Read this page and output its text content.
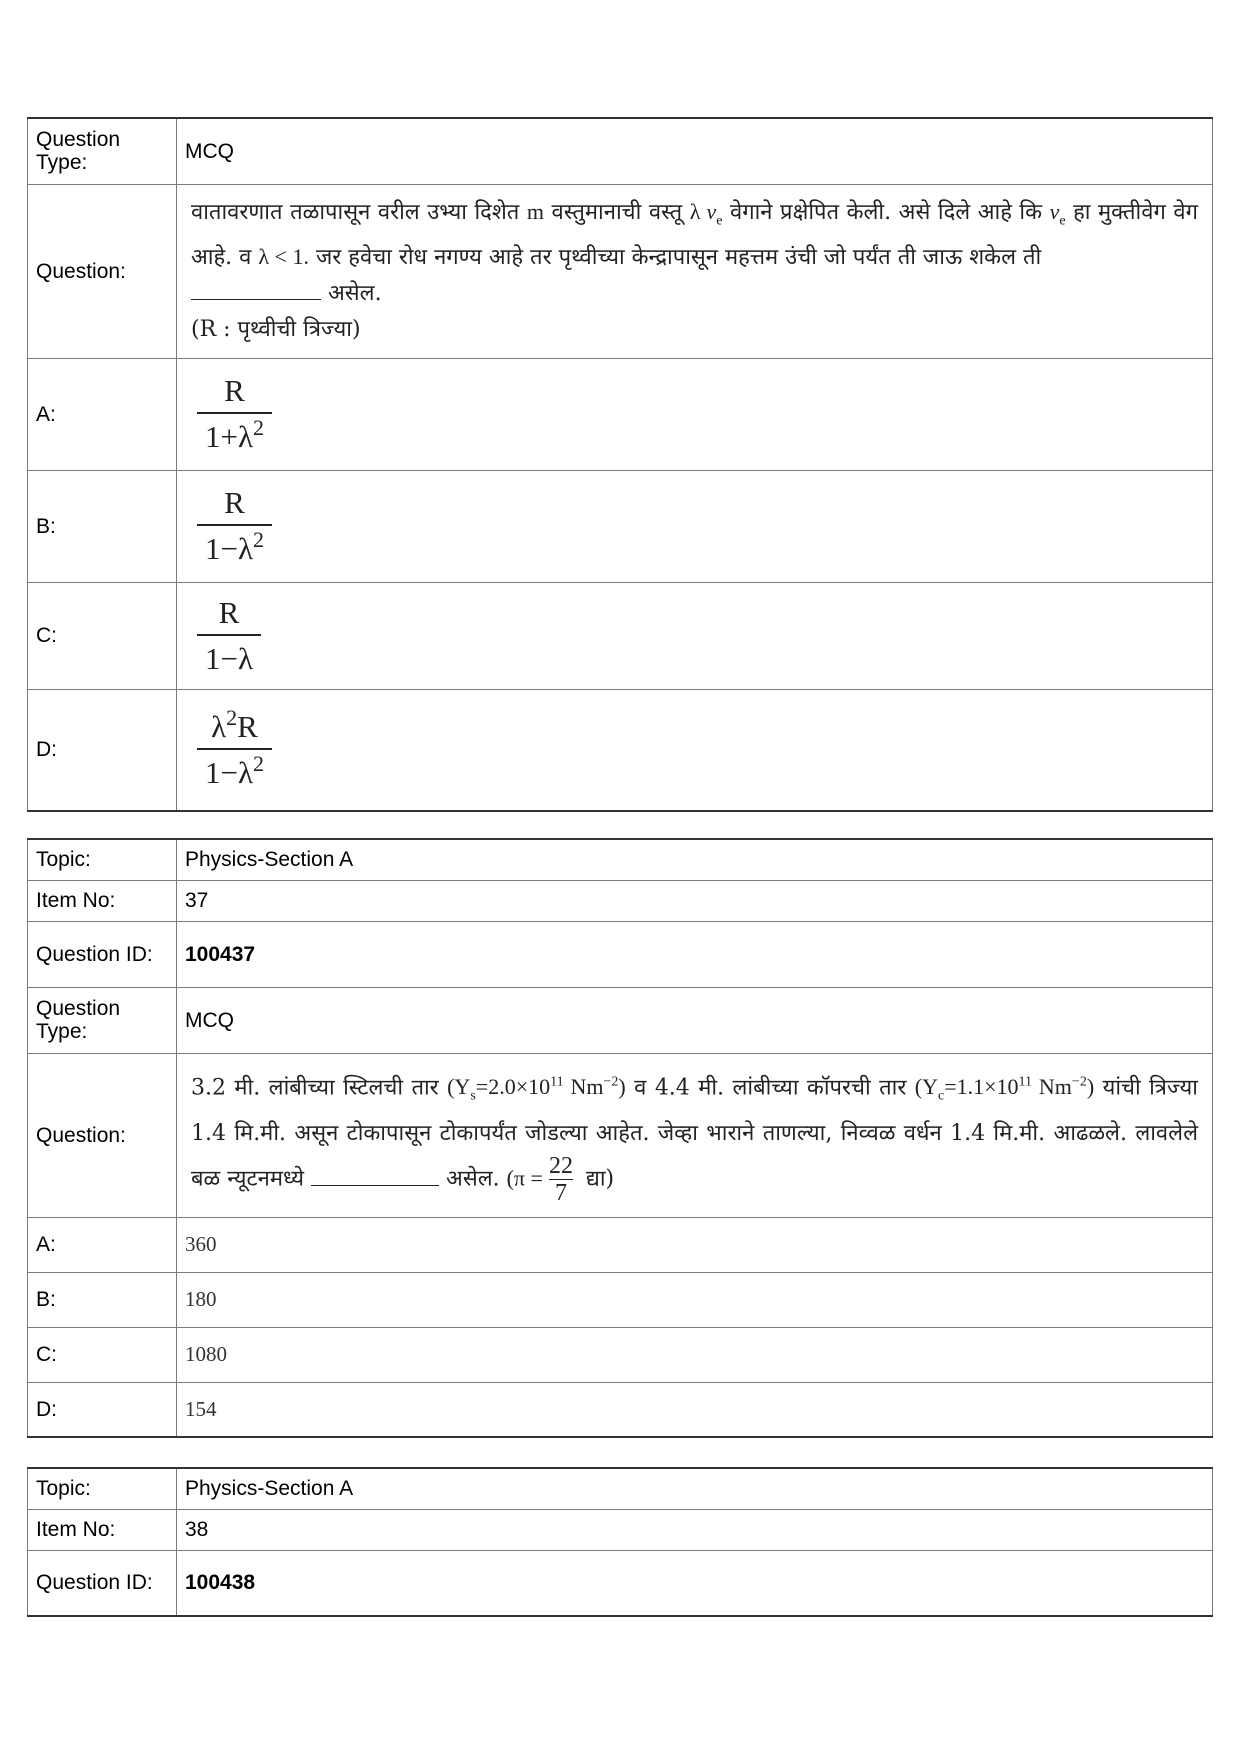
Question Type:	MCQ
Question:	वातावरणात तळापासून वरील उभ्या दिशेत m वस्तुमानाची वस्तू λ $v_e$ वेगाने प्रक्षेपित केली. असे दिले आहे कि $v_e$ हा मुक्तीवेग वेग आहे. व λ < 1. जर हवेचा रोध नगण्य आहे तर पृथ्वीच्या केन्द्रापासून महत्तम उंची जो पर्यंत ती जाऊ शकेल ती
असेल.
(R : पृथ्वीची त्रिज्या)

A:	$\frac{R}{1+\lambda^2}$

B:	$\frac{R}{1-\lambda^2}$

C:	$\frac{R}{1-\lambda}$

D:	$\frac{\lambda^2R}{1-\lambda^2}$
Topic:	Physics-Section A
Item No:	37
Question ID:	100437
Question Type:	MCQ
Question:	3.2 मी. लांबीच्या स्टिलची तार ($Y_s=2.0\times 10^{11}$ $Nm^{-2}$) व 4.4 मी. लांबीच्या कॉपरची तार ($Y_c=1.1\times 10^{11}$ $Nm^{-2}$) यांची त्रिज्या 1.4 मि.मी. असून टोकापासून टोकापर्यंत जोडल्या आहेत. जेव्हा भाराने ताणल्या, निव्वळ वर्धन 1.4 मि.मी. आढळले. लावलेले बळ न्यूटनमध्ये असेल. ($\pi = \frac{22}{7}$ द्या)

A:	360
B:	180
C:	1080
D:	154
Topic:	Physics-Section A
Item No:	38
Question ID:	100438
